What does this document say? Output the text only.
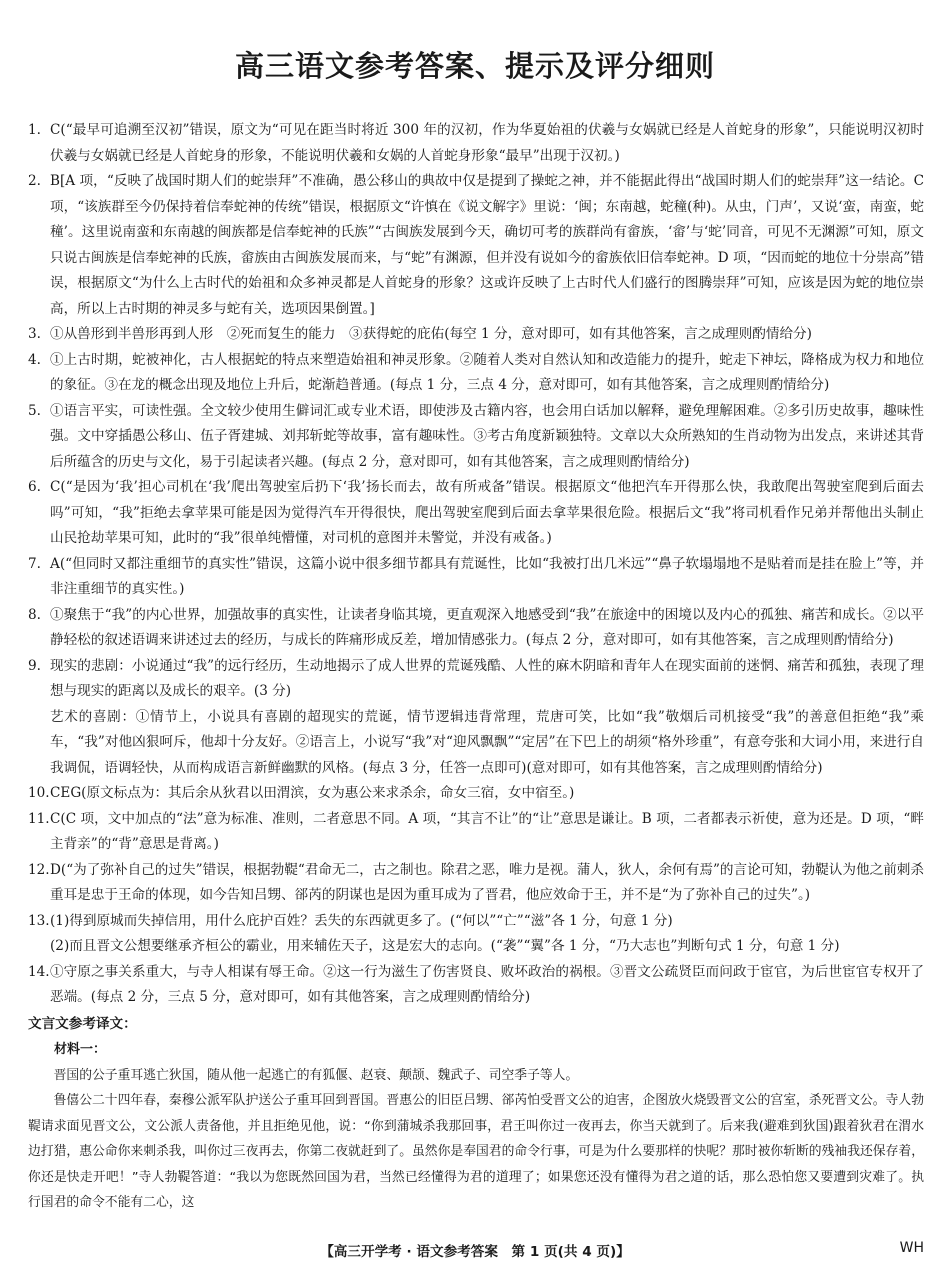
高三语文参考答案、提示及评分细则
1. C(“最早可追溯至汉初”错误，原文为“可见在距当时将近 300 年的汉初，作为华夏始祖的伏羲与女娲就已经是人首蛇身的形象”，只能说明汉初时伏羲与女娲就已经是人首蛇身的形象，不能说明伏羲和女娲的人首蛇身形象“最早”出现于汉初。)
2. B[A 项，“反映了战国时期人们的蛇崇拜”不准确，愚公移山的典故中仅是提到了操蛇之神，并不能据此得出“战国时期人们的蛇崇拜”这一结论。C 项，“该族群至今仍保持着信奉蛇神的传统”错误，根据原文“许慎在《说文解字》里说：‘闽；东南越，蛇穜(种)。从虫，门声’，又说‘蛮，南蛮，蛇穜’。这里说南蛮和东南越的闽族都是信奉蛇神的氏族”“古闽族发展到今天，确切可考的族群尚有畲族，‘畲’与‘蛇’同音，可见不无渊源”可知，原文只说古闽族是信奉蛇神的氏族，畲族由古闽族发展而来，与“蛇”有渊源，但并没有说如今的畲族依旧信奉蛇神。D 项，“因而蛇的地位十分崇高”错误，根据原文“为什么上古时代的始祖和众多神灵都是人首蛇身的形象？这或许反映了上古时代人们盛行的图腾崇拜”可知，应该是因为蛇的地位崇高，所以上古时期的神灵多与蛇有关，选项因果倒置。]
3. ①从兽形到半兽形再到人形　②死而复生的能力　③获得蛇的庇佑(每空 1 分，意对即可，如有其他答案，言之成理则酌情给分)
4. ①上古时期，蛇被神化，古人根据蛇的特点来塑造始祖和神灵形象。②随着人类对自然认知和改造能力的提升，蛇走下神坛，降格成为权力和地位的象征。③在龙的概念出现及地位上升后，蛇渐趋普通。(每点 1 分，三点 4 分，意对即可，如有其他答案，言之成理则酌情给分)
5. ①语言平实，可读性强。全文较少使用生僻词汇或专业术语，即使涉及古籍内容，也会用白话加以解释，避免理解困难。②多引历史故事，趣味性强。文中穿插愚公移山、伍子胥建城、刘邦斩蛇等故事，富有趣味性。③考古角度新颖独特。文章以大众所熟知的生肖动物为出发点，来讲述其背后所蕴含的历史与文化，易于引起读者兴趣。(每点 2 分，意对即可，如有其他答案，言之成理则酌情给分)
6. C(“是因为‘我’担心司机在‘我’爬出驾驶室后扔下‘我’扬长而去，故有所戒备”错误。根据原文“他把汽车开得那么快，我敢爬出驾驶室爬到后面去吗”可知，“我”拒绝去拿苹果可能是因为觉得汽车开得很快，爬出驾驶室爬到后面去拿苹果很危险。根据后文“我”将司机看作兄弟并帮他出头制止山民抢劫苹果可知，此时的“我”很单纯懵懂，对司机的意图并未警觉，并没有戒备。)
7. A(“但同时又都注重细节的真实性”错误，这篇小说中很多细节都具有荒诞性，比如“我被打出几米远”“鼻子软塌塌地不是贴着而是挂在脸上”等，并非注重细节的真实性。)
8. ①聚焦于“我”的内心世界，加强故事的真实性，让读者身临其境，更直观深入地感受到“我”在旅途中的困境以及内心的孤独、痛苦和成长。②以平静轻松的叙述语调来讲述过去的经历，与成长的阵痛形成反差，增加情感张力。(每点 2 分，意对即可，如有其他答案，言之成理则酌情给分)
9. 现实的悲剧：小说通过“我”的远行经历，生动地揭示了成人世界的荒诞残酷、人性的麻木阴暗和青年人在现实面前的迷惘、痛苦和孤独，表现了理想与现实的距离以及成长的艰辛。(3 分)
艺术的喜剧：①情节上，小说具有喜剧的超现实的荒诞，情节逻辑违背常理，荒唐可笑，比如“我”敬烟后司机接受“我”的善意但拒绝“我”乘车，“我”对他凶狠呵斥，他却十分友好。②语言上，小说写“我”对“迎风飘飘”“定居”在下巴上的胡须“格外珍重”，有意夸张和大词小用，来进行自我调侃，语调轻快，从而构成语言新鲜幽默的风格。(每点 3 分，任答一点即可)(意对即可，如有其他答案，言之成理则酌情给分)
10. CEG(原文标点为：其后余从狄君以田渭滨，女为惠公来求杀余，命女三宿，女中宿至。)
11. C(C 项，文中加点的“法”意为标准、准则，二者意思不同。A 项，“其言不让”的“让”意思是谦让。B 项，二者都表示祈使，意为还是。D 项，“畔主背亲”的“背”意思是背离。)
12. D(“为了弥补自己的过失”错误，根据勃鞮“君命无二，古之制也。除君之恶，唯力是视。蒲人，狄人，余何有焉”的言论可知，勃鞮认为他之前刺杀重耳是忠于王命的体现，如今告知吕甥、郤芮的阴谋也是因为重耳成为了晋君，他应效命于王，并不是“为了弥补自己的过失”。)
13. (1)得到原城而失掉信用，用什么庇护百姓？丢失的东西就更多了。(“何以”“亡”“滋”各 1 分，句意 1 分)
(2)而且晋文公想要继承齐桓公的霸业，用来辅佐天子，这是宏大的志向。(“袭”“翼”各 1 分，“乃大志也”判断句式 1 分，句意 1 分)
14. ①守原之事关系重大，与寺人相谋有辱王命。②这一行为滋生了伤害贤良、败坏政治的祸根。③晋文公疏贤臣而问政于宦官，为后世宦官专权开了恶端。(每点 2 分，三点 5 分，意对即可，如有其他答案，言之成理则酌情给分)
文言文参考译文：
材料一：

晋国的公子重耳逃亡狄国，随从他一起逃亡的有狐偃、赵衰、颠颉、魏武子、司空季子等人。

鲁僖公二十四年春，秦穆公派军队护送公子重耳回到晋国。晋惠公的旧臣吕甥、郤芮怕受晋文公的迫害，企图放火烧毁晋文公的宫室，杀死晋文公。寺人勃鞮请求面见晋文公，文公派人责备他，并且拒绝见他，说：“你到蒲城杀我那回事，君王叫你过一夜再去，你当天就到了。后来我(避难到狄国)跟着狄君在渭水边打猎，惠公命你来刺杀我，叫你过三夜再去，你第二夜就赶到了。虽然你是奉国君的命令行事，可是为什么要那样的快呢？那时被你斩断的残袖我还保存着，你还是快走开吧！”寺人勃鞮答道：“我以为您既然回国为君，当然已经懂得为君的道理了；如果您还没有懂得为君之道的话，那么恐怕您又要遭到灾难了。执行国君的命令不能有二心，这

【高三开学考 · 语文参考答案　第 1 页(共 4 页)】	WH
